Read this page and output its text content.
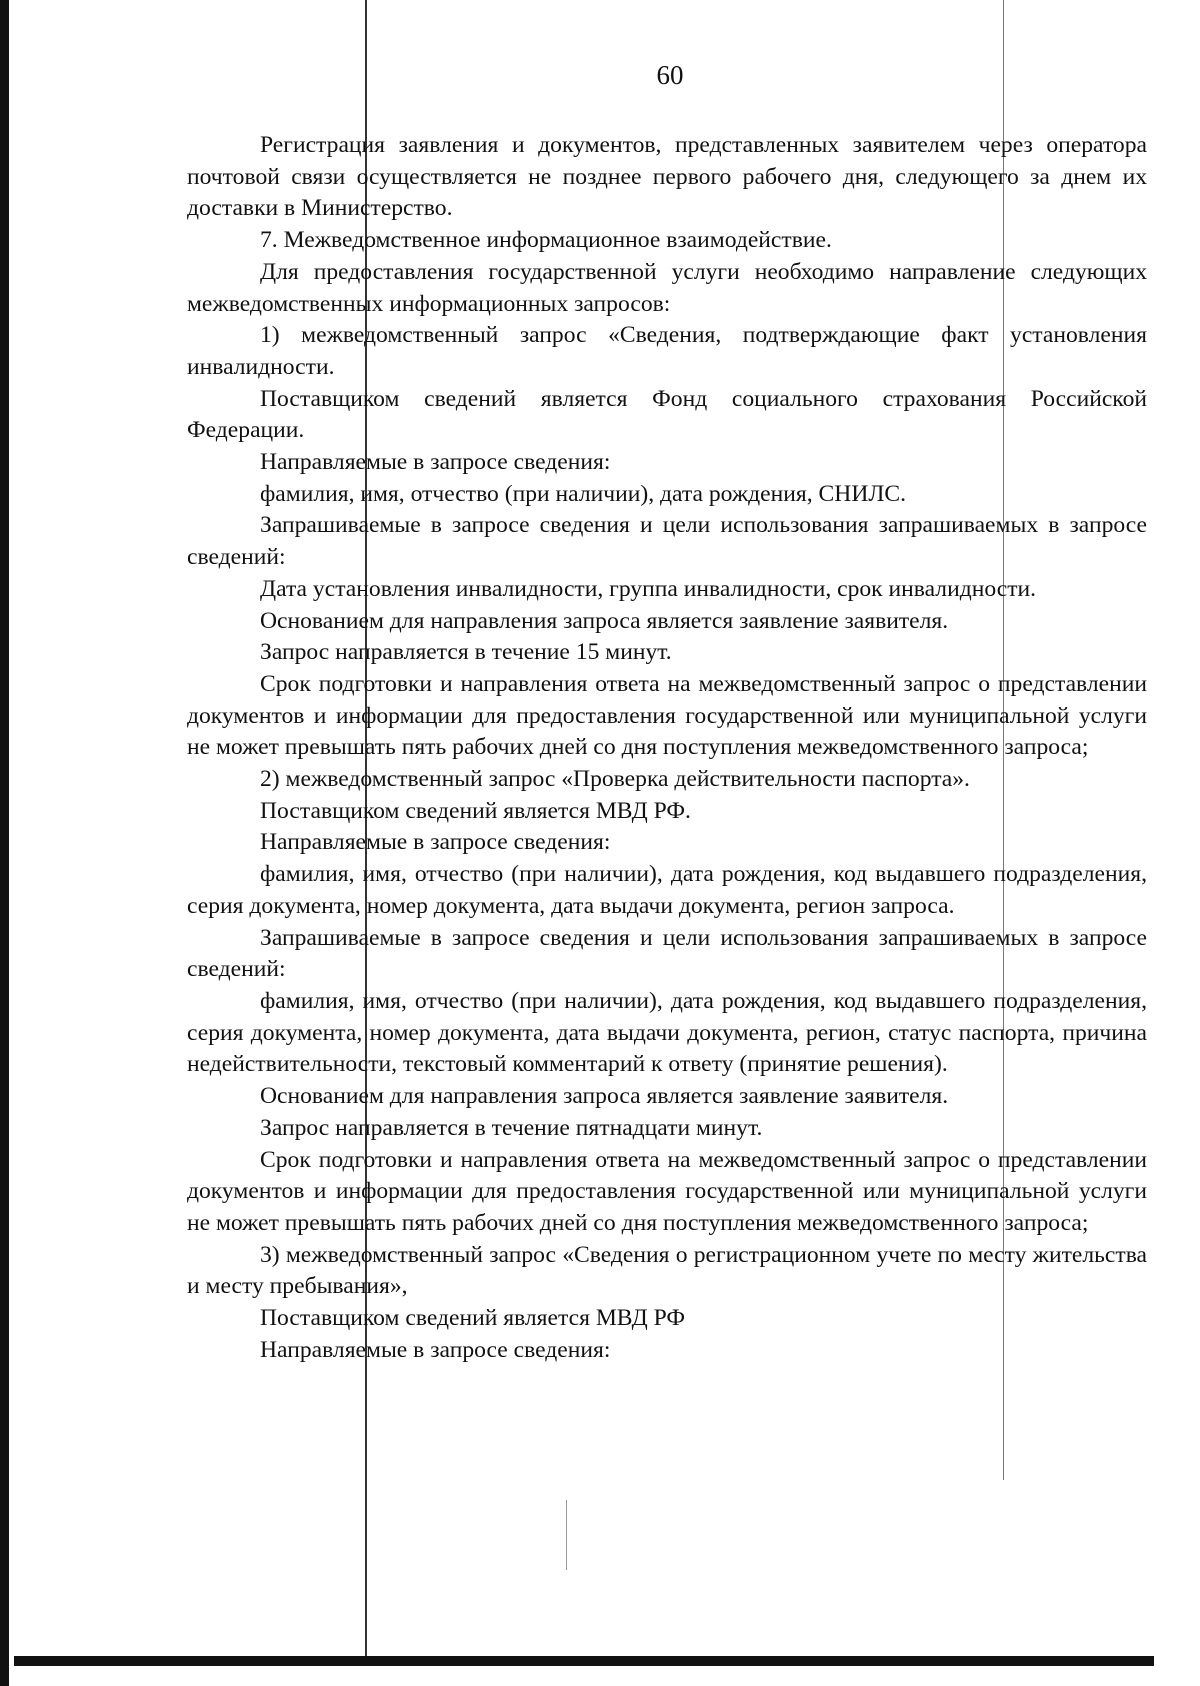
60

Регистрация заявления и документов, представленных заявителем через оператора почтовой связи осуществляется не позднее первого рабочего дня, следующего за днем их доставки в Министерство.

7. Межведомственное информационное взаимодействие.

Для предоставления государственной услуги необходимо направление следующих межведомственных информационных запросов:

1) межведомственный запрос «Сведения, подтверждающие факт установления инвалидности.

Поставщиком сведений является Фонд социального страхования Российской Федерации.

Направляемые в запросе сведения:

фамилия, имя, отчество (при наличии), дата рождения, СНИЛС.

Запрашиваемые в запросе сведения и цели использования запрашиваемых в запросе сведений:

Дата установления инвалидности, группа инвалидности, срок инвалидности.

Основанием для направления запроса является заявление заявителя.

Запрос направляется в течение 15 минут.

Срок подготовки и направления ответа на межведомственный запрос о представлении документов и информации для предоставления государственной или муниципальной услуги не может превышать пять рабочих дней со дня поступления межведомственного запроса;

2) межведомственный запрос «Проверка действительности паспорта».

Поставщиком сведений является МВД РФ.

Направляемые в запросе сведения:

фамилия, имя, отчество (при наличии), дата рождения, код выдавшего подразделения, серия документа, номер документа, дата выдачи документа, регион запроса.

Запрашиваемые в запросе сведения и цели использования запрашиваемых в запросе сведений:

фамилия, имя, отчество (при наличии), дата рождения, код выдавшего подразделения, серия документа, номер документа, дата выдачи документа, регион, статус паспорта, причина недействительности, текстовый комментарий к ответу (принятие решения).

Основанием для направления запроса является заявление заявителя.

Запрос направляется в течение пятнадцати минут.

Срок подготовки и направления ответа на межведомственный запрос о представлении документов и информации для предоставления государственной или муниципальной услуги не может превышать пять рабочих дней со дня поступления межведомственного запроса;

3) межведомственный запрос «Сведения о регистрационном учете по месту жительства и месту пребывания»,

Поставщиком сведений является МВД РФ

Направляемые в запросе сведения:
